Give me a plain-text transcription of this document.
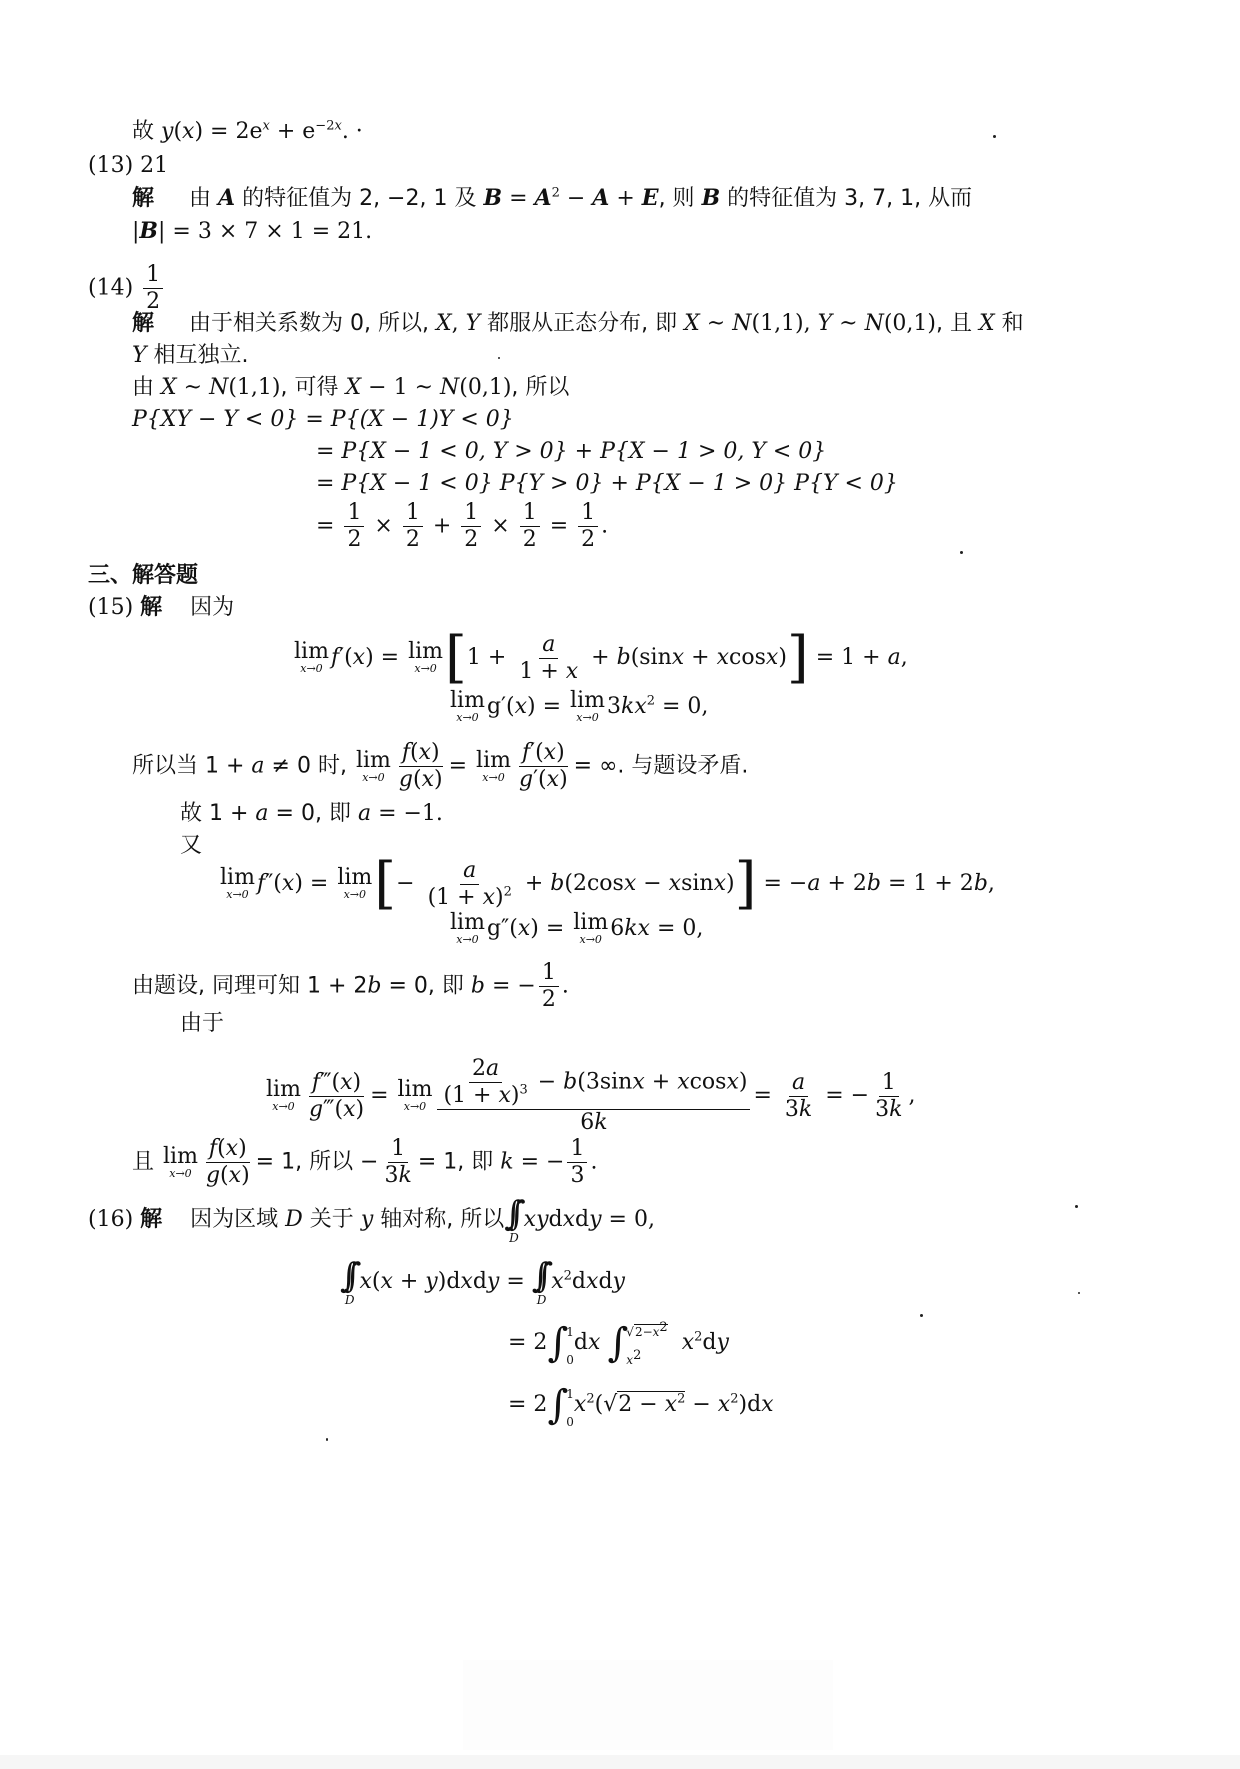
故 $y(x) = 2e^x + e^{-2x}$. ·
(13) 21
解 由 A 的特征值为 2, −2, 1 及 $B = A^2 - A + E$, 则 B 的特征值为 3, 7, 1, 从而
|B| = 3 × 7 × 1 = 21.
$(14) \frac{1}{2}$
解 由于相关系数为 0, 所以, X, Y 都服从正态分布, 即 X ~ N(1,1), Y ~ N(0,1), 且 X 和
Y 相互独立.
由 X ~ N(1,1), 可得 X − 1 ~ N(0,1), 所以
P{XY − Y < 0} = P{(X − 1)Y < 0}
= P{X − 1 < 0, Y > 0} + P{X − 1 > 0, Y < 0}
= P{X − 1 < 0} P{Y > 0} + P{X − 1 > 0} P{Y < 0}
= $\frac{1}{2} \times \frac{1}{2} + \frac{1}{2} \times \frac{1}{2} = \frac{1}{2}$ .
三、解答题
(15) 解 因为
lim
x→0 f′(x) = lim
x→0 $[1 + \frac{a}{1 + x} + b(\sin x + xcosx)] = 1 + a$,
lim
x→0 g′(x) = lim
x→0 $3kx^2 = 0$,
所以当 1 + a ≠ 0 时, lim
$x\to 0 \frac{f(x)}{g(x)} = \lim$
$x\to 0 \frac{f'(x)}{g'(x)}$ = ∞. 与题设矛盾.
故 1 + a = 0, 即 a = −1.
又
lim
x→0 f″(x) = lim
x→0 [− $\frac{a}{(1 + x)^2} + b(2\cos x - xsinx)] = -a + 2b = 1 + 2b$,
lim
x→0 g″(x) = lim
x→0 6kx = 0,
由题设, 同理可知 1 + 2b = 0, 即 b = − $\frac{1}{2}$ .
由于
lim
$x\to 0 \frac{f‴(x)}{g‴(x)} = \lim$
$x\to 0 \frac{\frac{2a}{(1 + x)^3} - b(3\sin x + xcosx)}{6k} = \frac{a}{3k}$ = − $\frac{1}{3k}$ ,
且 lim
$x\to 0 \frac{f(x)}{g(x)} = 1$, 所以 − $\frac{1}{3k} = 1$, 即 k = − $\frac{1}{3}$ .
(16) 解 因为区域 D 关于 y 轴对称, 所以 ∫∫
D
xydxdy = 0,
∫∫
D
x(x + y)dxdy = ∫∫
D
$x^2dxdy$
= 2 ∫
1
0
dx ∫
$√2-x^2$
$x^2$
$x^2dy$
= 2 ∫
1
0
$x^2(√2 - x^2 - x^2)dx$
